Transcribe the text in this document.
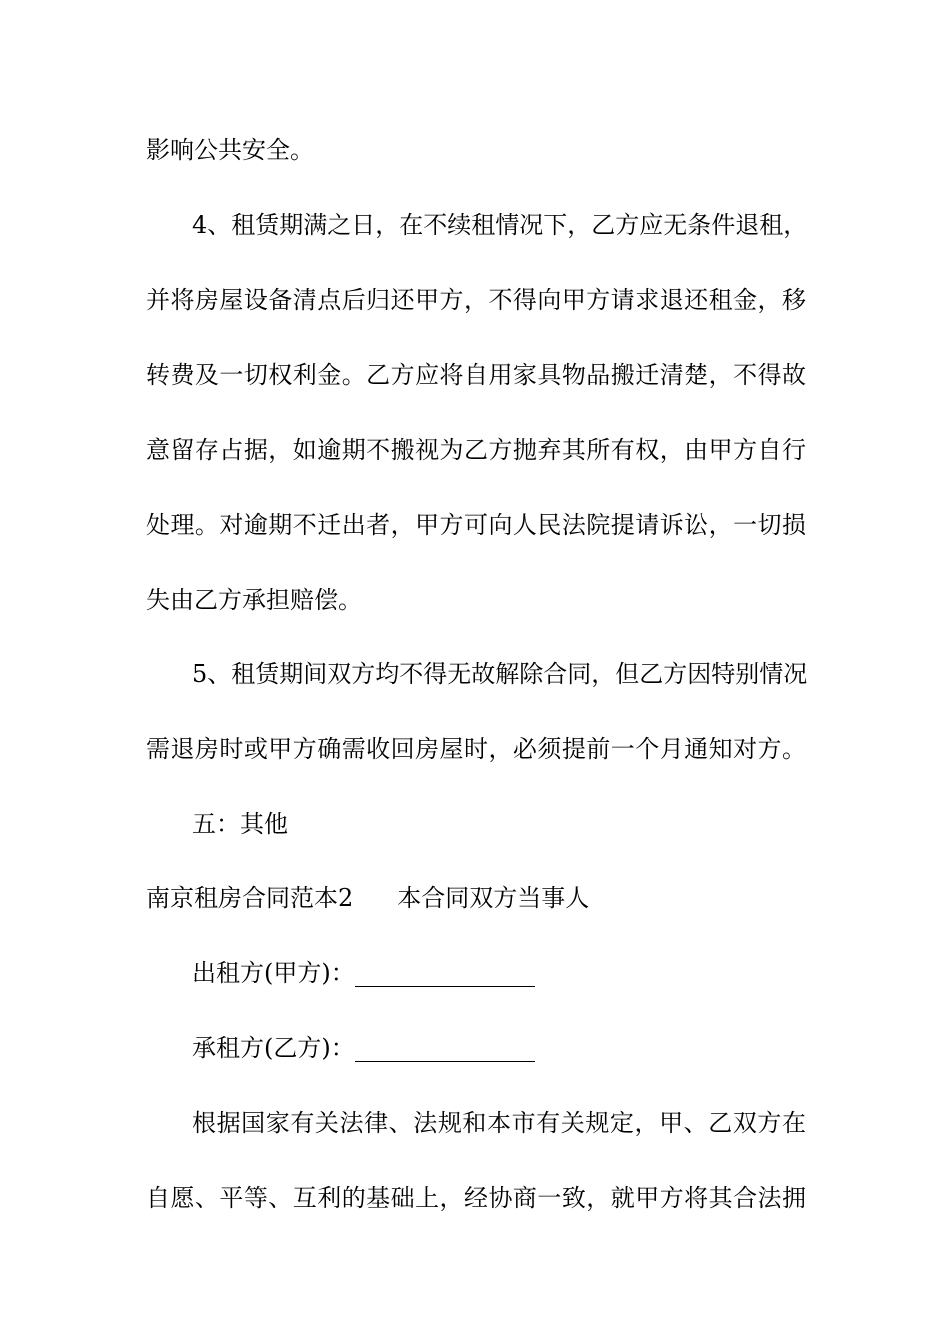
影响公共安全。
4、租赁期满之日，在不续租情况下，乙方应无条件退租，
并将房屋设备清点后归还甲方，不得向甲方请求退还租金，移
转费及一切权利金。乙方应将自用家具物品搬迁清楚，不得故
意留存占据，如逾期不搬视为乙方抛弃其所有权，由甲方自行
处理。对逾期不迁出者，甲方可向人民法院提请诉讼，一切损
失由乙方承担赔偿。
5、租赁期间双方均不得无故解除合同，但乙方因特别情况
需退房时或甲方确需收回房屋时，必须提前一个月通知对方。
五：其他
南京租房合同范本2 本合同双方当事人
出租方(甲方)：
承租方(乙方)：
根据国家有关法律、法规和本市有关规定，甲、乙双方在
自愿、平等、互利的基础上，经协商一致，就甲方将其合法拥
